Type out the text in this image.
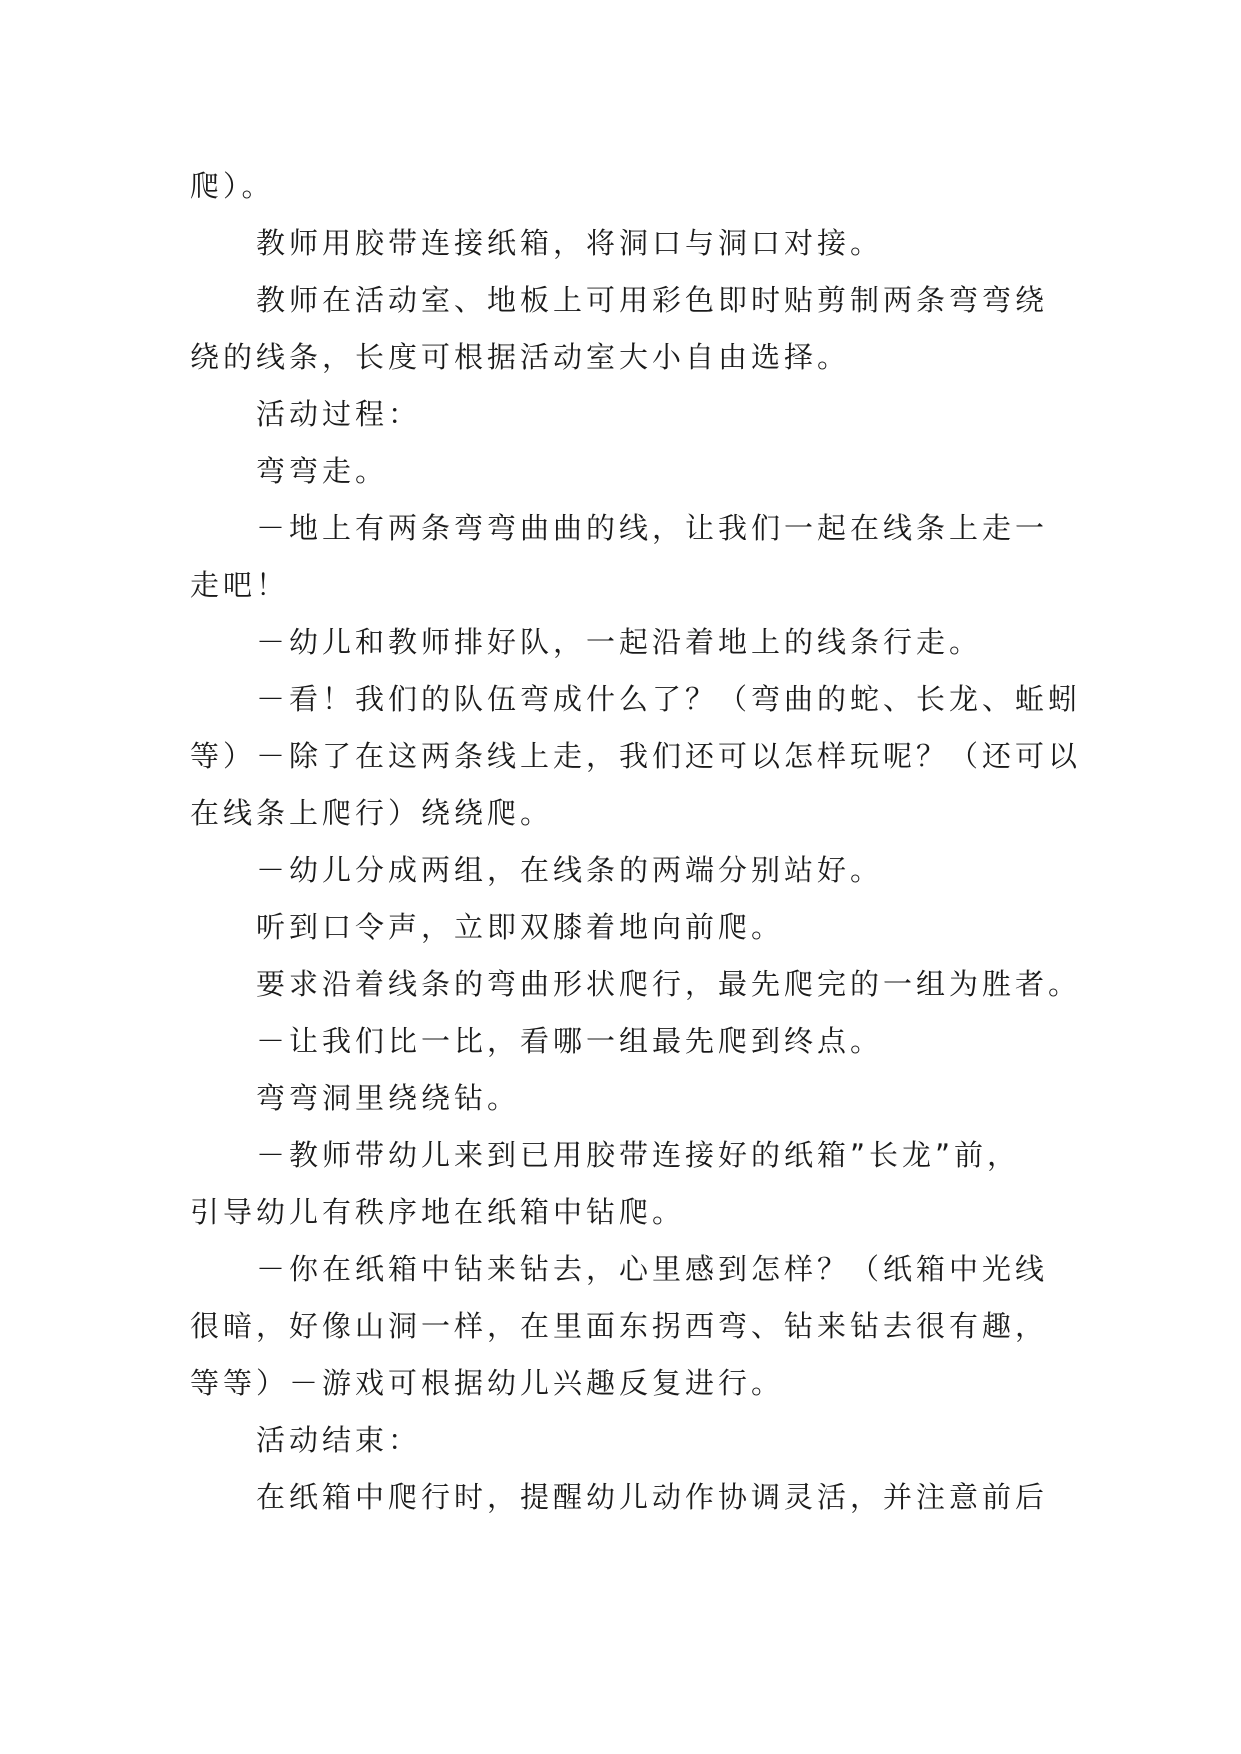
爬）。

教师用胶带连接纸箱，将洞口与洞口对接。

教师在活动室、地板上可用彩色即时贴剪制两条弯弯绕

绕的线条，长度可根据活动室大小自由选择。

活动过程：

弯弯走。

－地上有两条弯弯曲曲的线，让我们一起在线条上走一

走吧！

－幼儿和教师排好队，一起沿着地上的线条行走。

－看！我们的队伍弯成什么了？（弯曲的蛇、长龙、蚯蚓

等）－除了在这两条线上走，我们还可以怎样玩呢？（还可以

在线条上爬行）绕绕爬。

－幼儿分成两组，在线条的两端分别站好。

听到口令声，立即双膝着地向前爬。

要求沿着线条的弯曲形状爬行，最先爬完的一组为胜者。

－让我们比一比，看哪一组最先爬到终点。

弯弯洞里绕绕钻。

－教师带幼儿来到已用胶带连接好的纸箱”长龙”前，

引导幼儿有秩序地在纸箱中钻爬。

－你在纸箱中钻来钻去，心里感到怎样？（纸箱中光线

很暗，好像山洞一样，在里面东拐西弯、钻来钻去很有趣，

等等）－游戏可根据幼儿兴趣反复进行。

活动结束：

在纸箱中爬行时，提醒幼儿动作协调灵活，并注意前后
